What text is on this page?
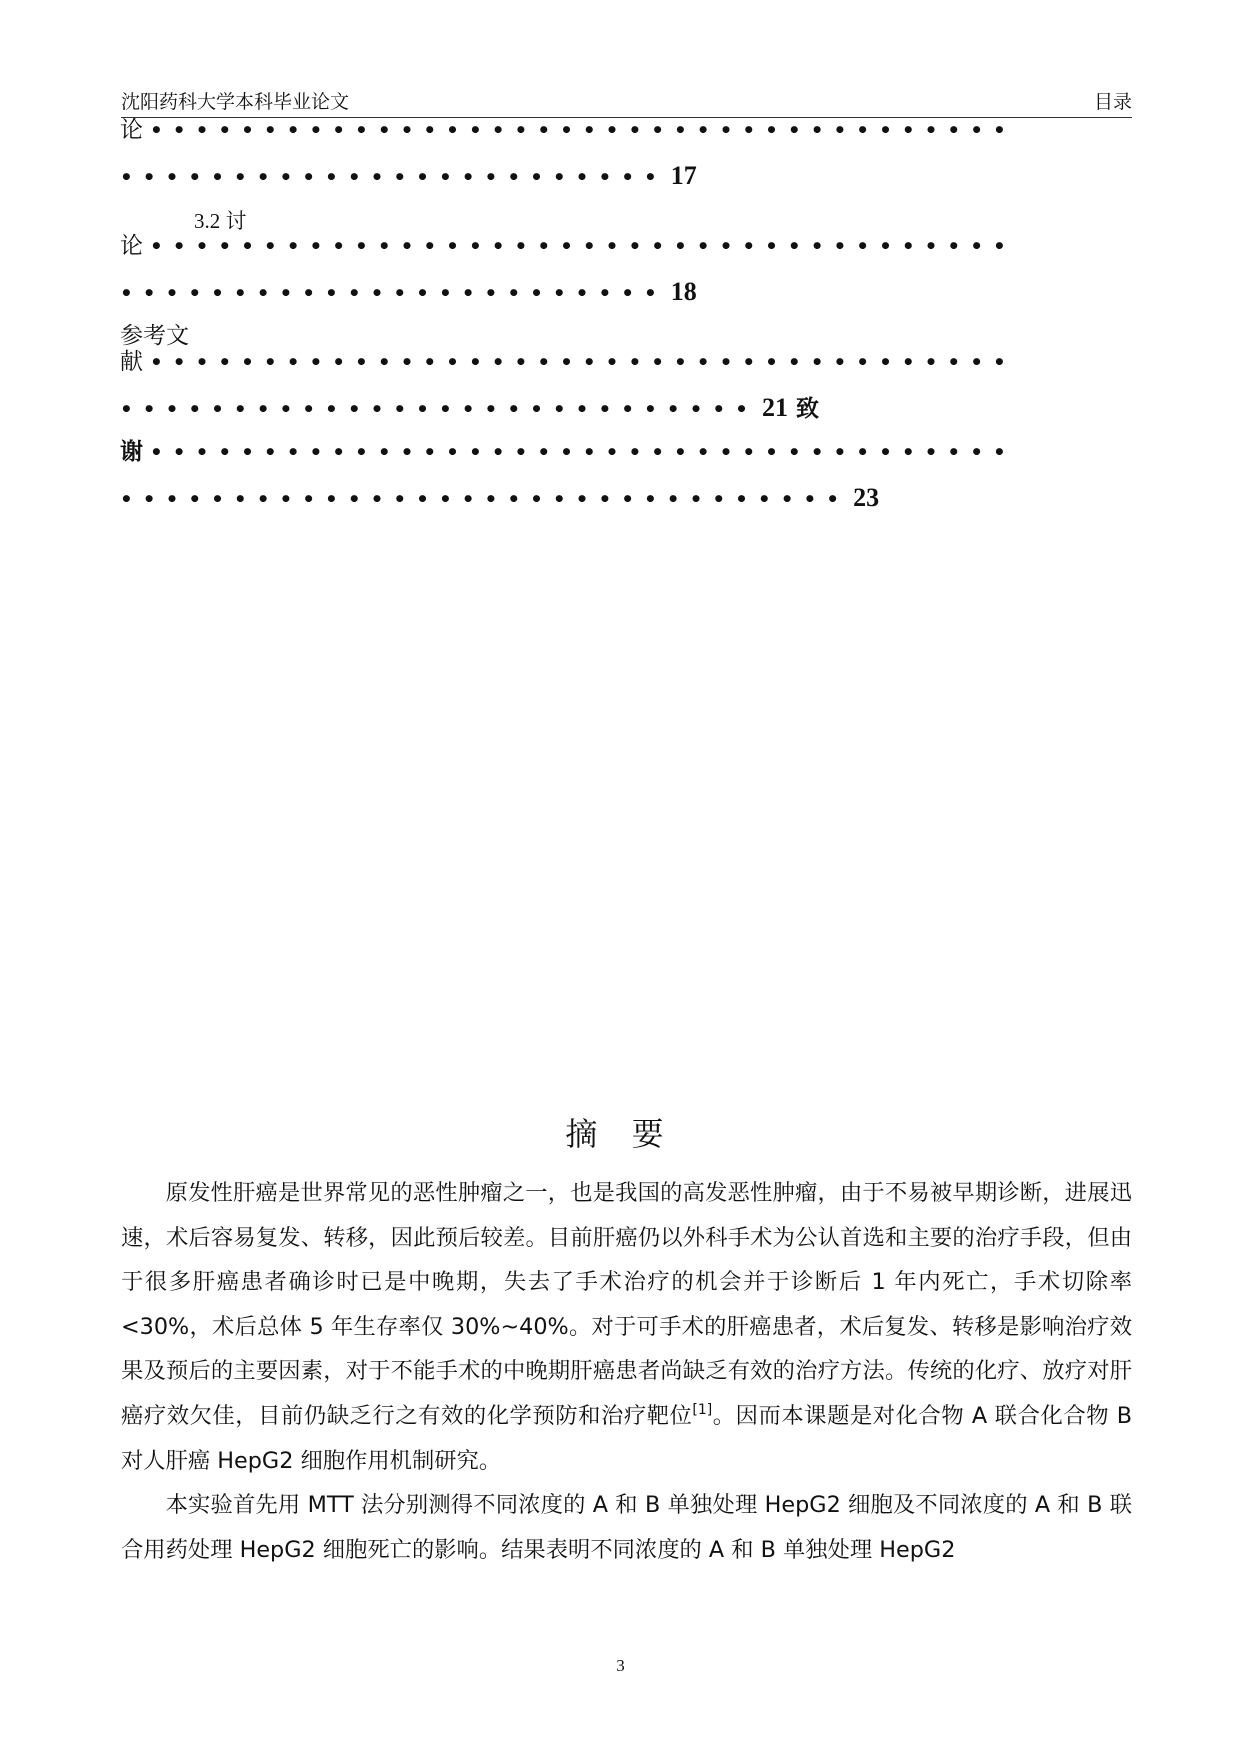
沈阳药科大学本科毕业论文	目录
论 ••••••••••••••••••••••••••••••••••••••
•••••••••••••••••••••••• 17
3.2 讨
论 ••••••••••••••••••••••••••••••••••••••
•••••••••••••••••••••••• 18
参考文
献 ••••••••••••••••••••••••••••••••••••••
•••••••••••••••••••••••••••• 21 致
谢 ••••••••••••••••••••••••••••••••••••••
•••••••••••••••••••••••••••••••• 23
摘 要

原发性肝癌是世界常见的恶性肿瘤之一，也是我国的高发恶性肿瘤，由于不易被早期诊断，进展迅速，术后容易复发、转移，因此预后较差。目前肝癌仍以外科手术为公认首选和主要的治疗手段，但由于很多肝癌患者确诊时已是中晚期，失去了手术治疗的机会并于诊断后 1 年内死亡，手术切除率<30%，术后总体 5 年生存率仅 30%~40%。对于可手术的肝癌患者，术后复发、转移是影响治疗效果及预后的主要因素，对于不能手术的中晚期肝癌患者尚缺乏有效的治疗方法。传统的化疗、放疗对肝癌疗效欠佳，目前仍缺乏行之有效的化学预防和治疗靶位[1]。因而本课题是对化合物 A 联合化合物 B 对人肝癌 HepG2 细胞作用机制研究。

本实验首先用 MTT 法分别测得不同浓度的 A 和 B 单独处理 HepG2 细胞及不同浓度的 A 和 B 联合用药处理 HepG2 细胞死亡的影响。结果表明不同浓度的 A 和 B 单独处理 HepG2

3
